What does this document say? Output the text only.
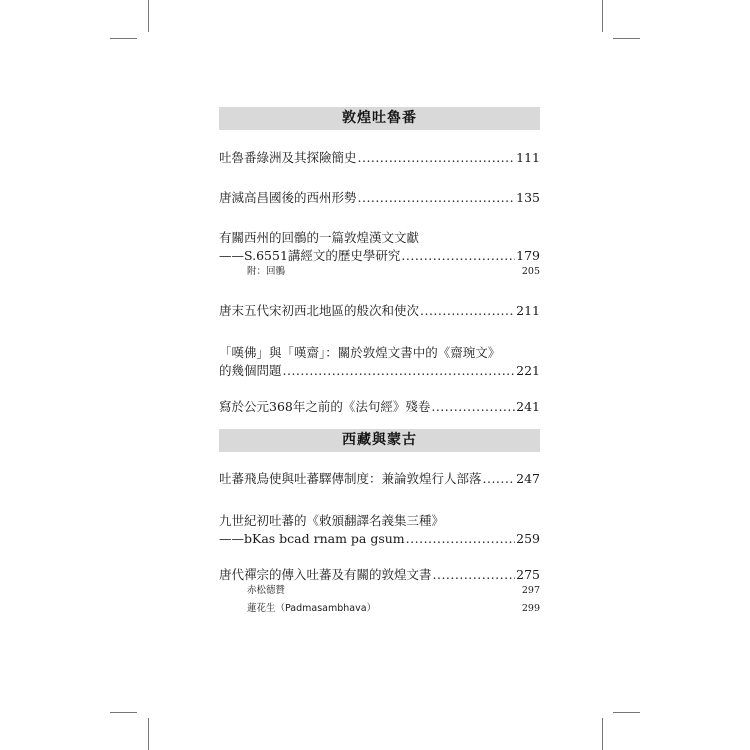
敦煌吐魯番
吐魯番綠洲及其探險簡史 .....	111
唐滅高昌國後的西州形勢 .....	135
有關西州的回鶻的一篇敦煌漢文文獻
——S.6551講經文的歷史學研究 .....	179
附：回鶻	205
唐末五代宋初西北地區的般次和使次 .....	211
「嘆佛」與「嘆齋」：關於敦煌文書中的《齋琬文》
的幾個問題 .....	221
寫於公元368年之前的《法句經》殘卷 .....	241
西藏與蒙古
吐蕃飛鳥使與吐蕃驛傳制度：兼論敦煌行人部落 .....	247
九世紀初吐蕃的《敕頒翻譯名義集三種》
——bKas bcad rnam pa gsum .....	259
唐代禪宗的傳入吐蕃及有關的敦煌文書 .....	275
赤松德贊	297
蓮花生（Padmasambhava）	299
